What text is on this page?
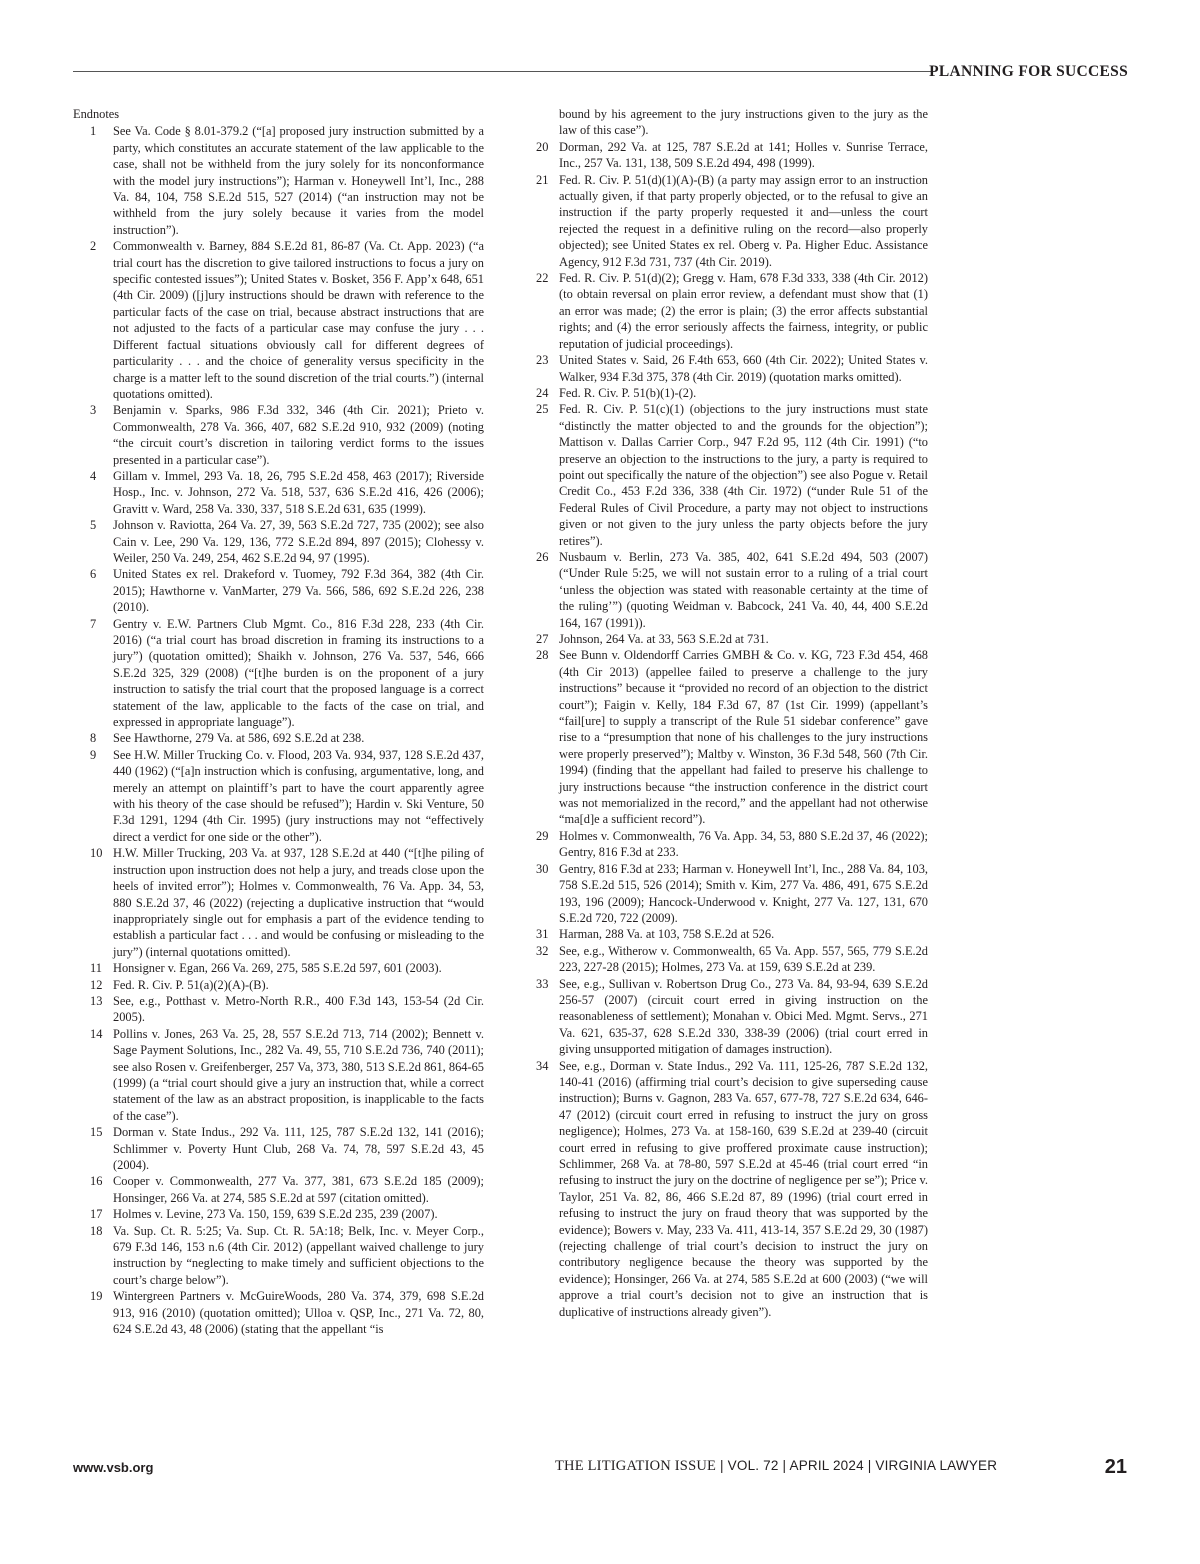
PLANNING FOR SUCCESS
Endnotes
1	See Va. Code § 8.01-379.2 (“[a] proposed jury instruction submitted by a party, which constitutes an accurate statement of the law applicable to the case, shall not be withheld from the jury solely for its nonconformance with the model jury instructions”); Harman v. Honeywell Int’l, Inc., 288 Va. 84, 104, 758 S.E.2d 515, 527 (2014) (“an instruction may not be withheld from the jury solely because it varies from the model instruction”).
2	Commonwealth v. Barney, 884 S.E.2d 81, 86-87 (Va. Ct. App. 2023) (“a trial court has the discretion to give tailored instructions to focus a jury on specific contested issues”); United States v. Bosket, 356 F. App’x 648, 651 (4th Cir. 2009) ([j]ury instructions should be drawn with reference to the particular facts of the case on trial, because abstract instructions that are not adjusted to the facts of a particular case may confuse the jury . . . Different factual situations obviously call for different degrees of particularity . . . and the choice of generality versus specificity in the charge is a matter left to the sound discretion of the trial courts.”) (internal quotations omitted).
3	Benjamin v. Sparks, 986 F.3d 332, 346 (4th Cir. 2021); Prieto v. Commonwealth, 278 Va. 366, 407, 682 S.E.2d 910, 932 (2009) (noting “the circuit court’s discretion in tailoring verdict forms to the issues presented in a particular case”).
4	Gillam v. Immel, 293 Va. 18, 26, 795 S.E.2d 458, 463 (2017); Riverside Hosp., Inc. v. Johnson, 272 Va. 518, 537, 636 S.E.2d 416, 426 (2006); Gravitt v. Ward, 258 Va. 330, 337, 518 S.E.2d 631, 635 (1999).
5	Johnson v. Raviotta, 264 Va. 27, 39, 563 S.E.2d 727, 735 (2002); see also Cain v. Lee, 290 Va. 129, 136, 772 S.E.2d 894, 897 (2015); Clohessy v. Weiler, 250 Va. 249, 254, 462 S.E.2d 94, 97 (1995).
6	United States ex rel. Drakeford v. Tuomey, 792 F.3d 364, 382 (4th Cir. 2015); Hawthorne v. VanMarter, 279 Va. 566, 586, 692 S.E.2d 226, 238 (2010).
7	Gentry v. E.W. Partners Club Mgmt. Co., 816 F.3d 228, 233 (4th Cir. 2016) (“a trial court has broad discretion in framing its instructions to a jury”) (quotation omitted); Shaikh v. Johnson, 276 Va. 537, 546, 666 S.E.2d 325, 329 (2008) (“[t]he burden is on the proponent of a jury instruction to satisfy the trial court that the proposed language is a correct statement of the law, applicable to the facts of the case on trial, and expressed in appropriate language”).
8	See Hawthorne, 279 Va. at 586, 692 S.E.2d at 238.
9	See H.W. Miller Trucking Co. v. Flood, 203 Va. 934, 937, 128 S.E.2d 437, 440 (1962) (“[a]n instruction which is confusing, argumentative, long, and merely an attempt on plaintiff’s part to have the court apparently agree with his theory of the case should be refused”); Hardin v. Ski Venture, 50 F.3d 1291, 1294 (4th Cir. 1995) (jury instructions may not “effectively direct a verdict for one side or the other”).
10 H.W. Miller Trucking, 203 Va. at 937, 128 S.E.2d at 440 (“[t]he piling of instruction upon instruction does not help a jury, and treads close upon the heels of invited error”); Holmes v. Commonwealth, 76 Va. App. 34, 53, 880 S.E.2d 37, 46 (2022) (rejecting a duplicative instruction that “would inappropriately single out for emphasis a part of the evidence tending to establish a particular fact . . . and would be confusing or misleading to the jury”) (internal quotations omitted).
11 Honsigner v. Egan, 266 Va. 269, 275, 585 S.E.2d 597, 601 (2003).
12 Fed. R. Civ. P. 51(a)(2)(A)-(B).
13 See, e.g., Potthast v. Metro-North R.R., 400 F.3d 143, 153-54 (2d Cir. 2005).
14 Pollins v. Jones, 263 Va. 25, 28, 557 S.E.2d 713, 714 (2002); Bennett v. Sage Payment Solutions, Inc., 282 Va. 49, 55, 710 S.E.2d 736, 740 (2011); see also Rosen v. Greifenberger, 257 Va, 373, 380, 513 S.E.2d 861, 864-65 (1999) (a “trial court should give a jury an instruction that, while a correct statement of the law as an abstract proposition, is inapplicable to the facts of the case”).
15 Dorman v. State Indus., 292 Va. 111, 125, 787 S.E.2d 132, 141 (2016); Schlimmer v. Poverty Hunt Club, 268 Va. 74, 78, 597 S.E.2d 43, 45 (2004).
16 Cooper v. Commonwealth, 277 Va. 377, 381, 673 S.E.2d 185 (2009); Honsinger, 266 Va. at 274, 585 S.E.2d at 597 (citation omitted).
17 Holmes v. Levine, 273 Va. 150, 159, 639 S.E.2d 235, 239 (2007).
18 Va. Sup. Ct. R. 5:25; Va. Sup. Ct. R. 5A:18; Belk, Inc. v. Meyer Corp., 679 F.3d 146, 153 n.6 (4th Cir. 2012) (appellant waived challenge to jury instruction by “neglecting to make timely and sufficient objections to the court’s charge below”).
19 Wintergreen Partners v. McGuireWoods, 280 Va. 374, 379, 698 S.E.2d 913, 916 (2010) (quotation omitted); Ulloa v. QSP, Inc., 271 Va. 72, 80, 624 S.E.2d 43, 48 (2006) (stating that the appellant “is
bound by his agreement to the jury instructions given to the jury as the law of this case”).
20 Dorman, 292 Va. at 125, 787 S.E.2d at 141; Holles v. Sunrise Terrace, Inc., 257 Va. 131, 138, 509 S.E.2d 494, 498 (1999).
21 Fed. R. Civ. P. 51(d)(1)(A)-(B) (a party may assign error to an instruction actually given, if that party properly objected, or to the refusal to give an instruction if the party properly requested it and—unless the court rejected the request in a definitive ruling on the record—also properly objected); see United States ex rel. Oberg v. Pa. Higher Educ. Assistance Agency, 912 F.3d 731, 737 (4th Cir. 2019).
22 Fed. R. Civ. P. 51(d)(2); Gregg v. Ham, 678 F.3d 333, 338 (4th Cir. 2012) (to obtain reversal on plain error review, a defendant must show that (1) an error was made; (2) the error is plain; (3) the error affects substantial rights; and (4) the error seriously affects the fairness, integrity, or public reputation of judicial proceedings).
23 United States v. Said, 26 F.4th 653, 660 (4th Cir. 2022); United States v. Walker, 934 F.3d 375, 378 (4th Cir. 2019) (quotation marks omitted).
24 Fed. R. Civ. P. 51(b)(1)-(2).
25 Fed. R. Civ. P. 51(c)(1) (objections to the jury instructions must state “distinctly the matter objected to and the grounds for the objection”); Mattison v. Dallas Carrier Corp., 947 F.2d 95, 112 (4th Cir. 1991) (“to preserve an objection to the instructions to the jury, a party is required to point out specifically the nature of the objection”) see also Pogue v. Retail Credit Co., 453 F.2d 336, 338 (4th Cir. 1972) (“under Rule 51 of the Federal Rules of Civil Procedure, a party may not object to instructions given or not given to the jury unless the party objects before the jury retires”).
26 Nusbaum v. Berlin, 273 Va. 385, 402, 641 S.E.2d 494, 503 (2007) (“Under Rule 5:25, we will not sustain error to a ruling of a trial court ‘unless the objection was stated with reasonable certainty at the time of the ruling’”) (quoting Weidman v. Babcock, 241 Va. 40, 44, 400 S.E.2d 164, 167 (1991)).
27 Johnson, 264 Va. at 33, 563 S.E.2d at 731.
28 See Bunn v. Oldendorff Carries GMBH & Co. v. KG, 723 F.3d 454, 468 (4th Cir 2013) (appellee failed to preserve a challenge to the jury instructions” because it “provided no record of an objection to the district court”); Faigin v. Kelly, 184 F.3d 67, 87 (1st Cir. 1999) (appellant’s “fail[ure] to supply a transcript of the Rule 51 sidebar conference” gave rise to a “presumption that none of his challenges to the jury instructions were properly preserved”); Maltby v. Winston, 36 F.3d 548, 560 (7th Cir. 1994) (finding that the appellant had failed to preserve his challenge to jury instructions because “the instruction conference in the district court was not memorialized in the record,” and the appellant had not otherwise “ma[d]e a sufficient record”).
29 Holmes v. Commonwealth, 76 Va. App. 34, 53, 880 S.E.2d 37, 46 (2022); Gentry, 816 F.3d at 233.
30 Gentry, 816 F.3d at 233; Harman v. Honeywell Int’l, Inc., 288 Va. 84, 103, 758 S.E.2d 515, 526 (2014); Smith v. Kim, 277 Va. 486, 491, 675 S.E.2d 193, 196 (2009); Hancock-Underwood v. Knight, 277 Va. 127, 131, 670 S.E.2d 720, 722 (2009).
31 Harman, 288 Va. at 103, 758 S.E.2d at 526.
32 See, e.g., Witherow v. Commonwealth, 65 Va. App. 557, 565, 779 S.E.2d 223, 227-28 (2015); Holmes, 273 Va. at 159, 639 S.E.2d at 239.
33 See, e.g., Sullivan v. Robertson Drug Co., 273 Va. 84, 93-94, 639 S.E.2d 256-57 (2007) (circuit court erred in giving instruction on the reasonableness of settlement); Monahan v. Obici Med. Mgmt. Servs., 271 Va. 621, 635-37, 628 S.E.2d 330, 338-39 (2006) (trial court erred in giving unsupported mitigation of damages instruction).
34 See, e.g., Dorman v. State Indus., 292 Va. 111, 125-26, 787 S.E.2d 132, 140-41 (2016) (affirming trial court’s decision to give superseding cause instruction); Burns v. Gagnon, 283 Va. 657, 677-78, 727 S.E.2d 634, 646-47 (2012) (circuit court erred in refusing to instruct the jury on gross negligence); Holmes, 273 Va. at 158-160, 639 S.E.2d at 239-40 (circuit court erred in refusing to give proffered proximate cause instruction); Schlimmer, 268 Va. at 78-80, 597 S.E.2d at 45-46 (trial court erred “in refusing to instruct the jury on the doctrine of negligence per se”); Price v. Taylor, 251 Va. 82, 86, 466 S.E.2d 87, 89 (1996) (trial court erred in refusing to instruct the jury on fraud theory that was supported by the evidence); Bowers v. May, 233 Va. 411, 413-14, 357 S.E.2d 29, 30 (1987) (rejecting challenge of trial court’s decision to instruct the jury on contributory negligence because the theory was supported by the evidence); Honsinger, 266 Va. at 274, 585 S.E.2d at 600 (2003) (“we will approve a trial court’s decision not to give an instruction that is duplicative of instructions already given”).
www.vsb.org	THE LITIGATION ISSUE | VOL. 72 | APRIL 2024 | VIRGINIA LAWYER	21
